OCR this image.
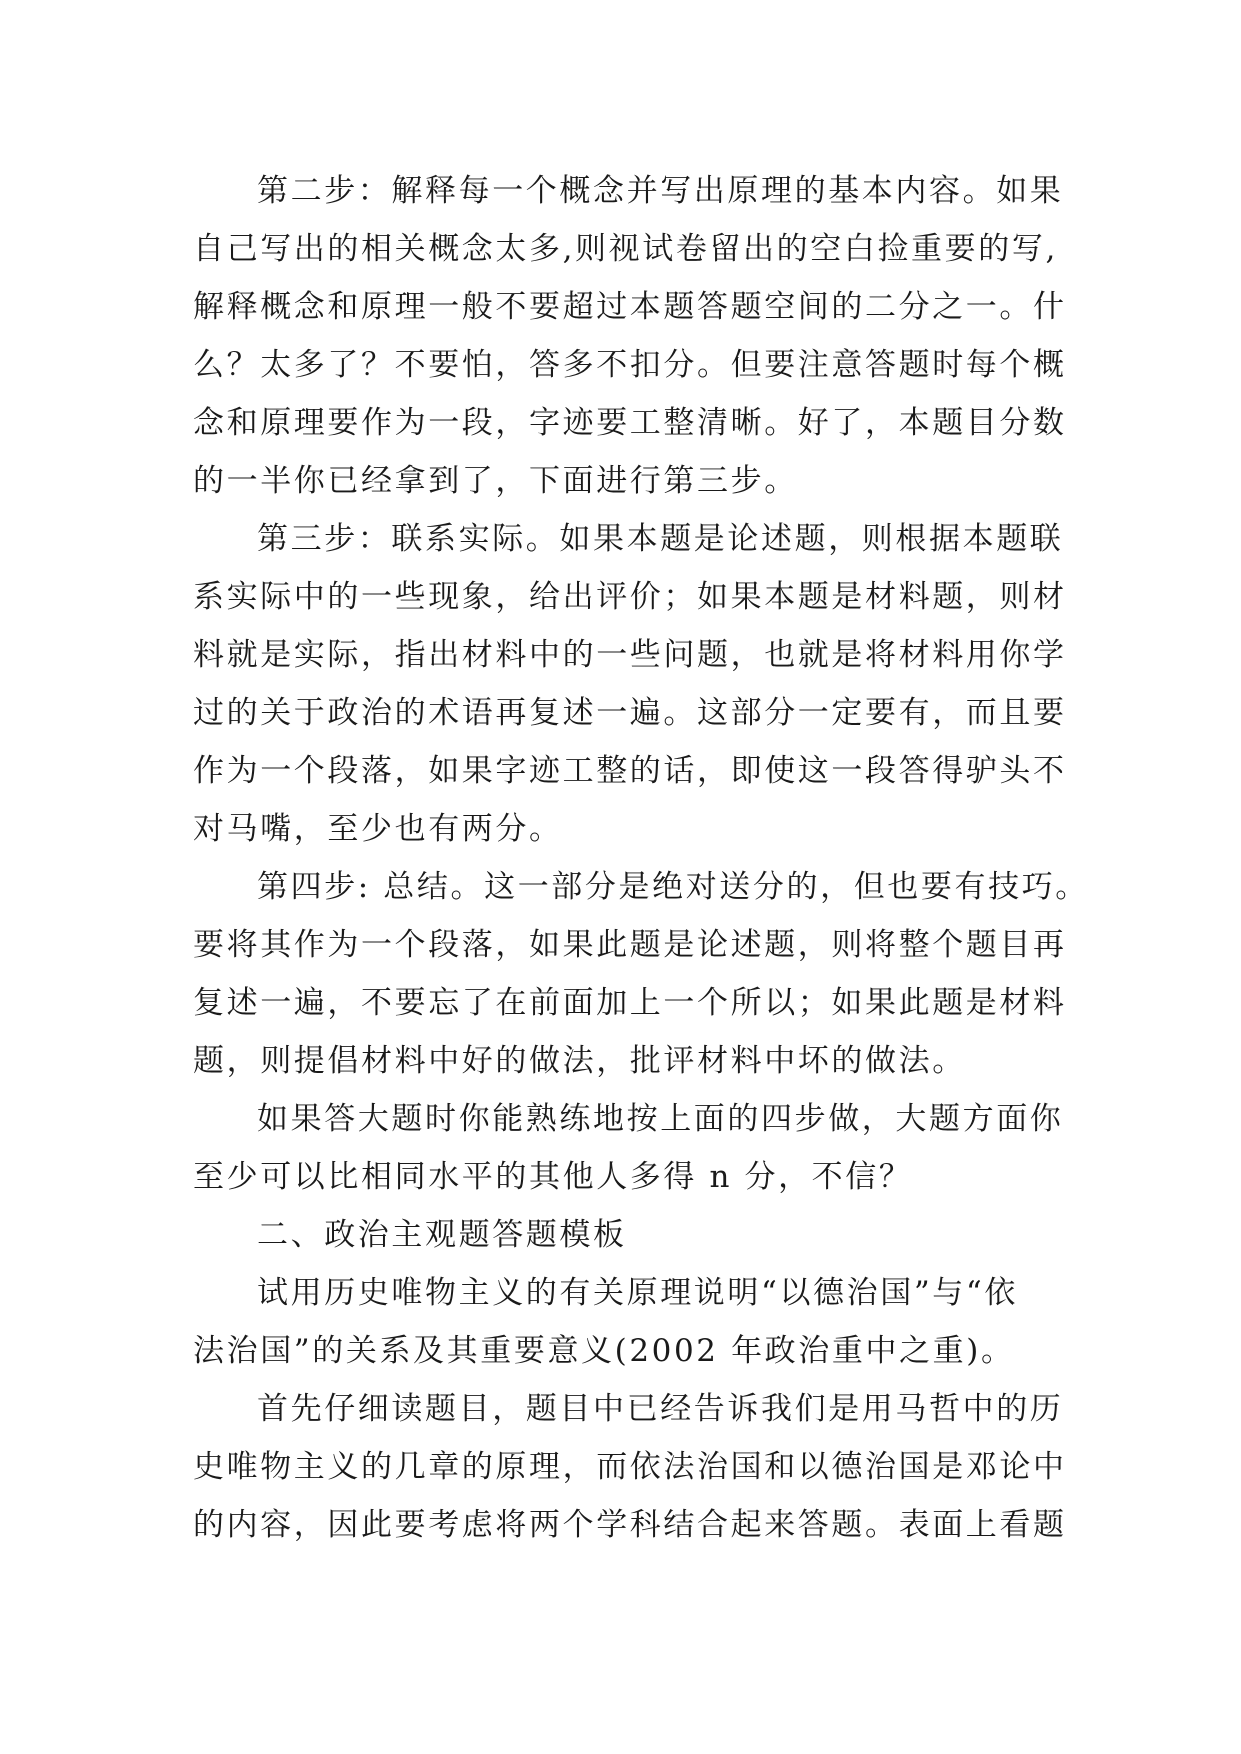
第二步：解释每一个概念并写出原理的基本内容。如果
自己写出的相关概念太多,则视试卷留出的空白捡重要的写,
解释概念和原理一般不要超过本题答题空间的二分之一。什
么？太多了？不要怕，答多不扣分。但要注意答题时每个概
念和原理要作为一段，字迹要工整清晰。好了，本题目分数
的一半你已经拿到了，下面进行第三步。
第三步：联系实际。如果本题是论述题，则根据本题联
系实际中的一些现象，给出评价；如果本题是材料题，则材
料就是实际，指出材料中的一些问题，也就是将材料用你学
过的关于政治的术语再复述一遍。这部分一定要有，而且要
作为一个段落，如果字迹工整的话，即使这一段答得驴头不
对马嘴，至少也有两分。
第四步: 总结。这一部分是绝对送分的，但也要有技巧。
要将其作为一个段落，如果此题是论述题，则将整个题目再
复述一遍，不要忘了在前面加上一个所以；如果此题是材料
题，则提倡材料中好的做法，批评材料中坏的做法。
如果答大题时你能熟练地按上面的四步做，大题方面你
至少可以比相同水平的其他人多得 n 分，不信？
二、政治主观题答题模板
试用历史唯物主义的有关原理说明“以德治国”与“依
法治国”的关系及其重要意义(2002 年政治重中之重)。
首先仔细读题目，题目中已经告诉我们是用马哲中的历
史唯物主义的几章的原理，而依法治国和以德治国是邓论中
的内容，因此要考虑将两个学科结合起来答题。表面上看题
